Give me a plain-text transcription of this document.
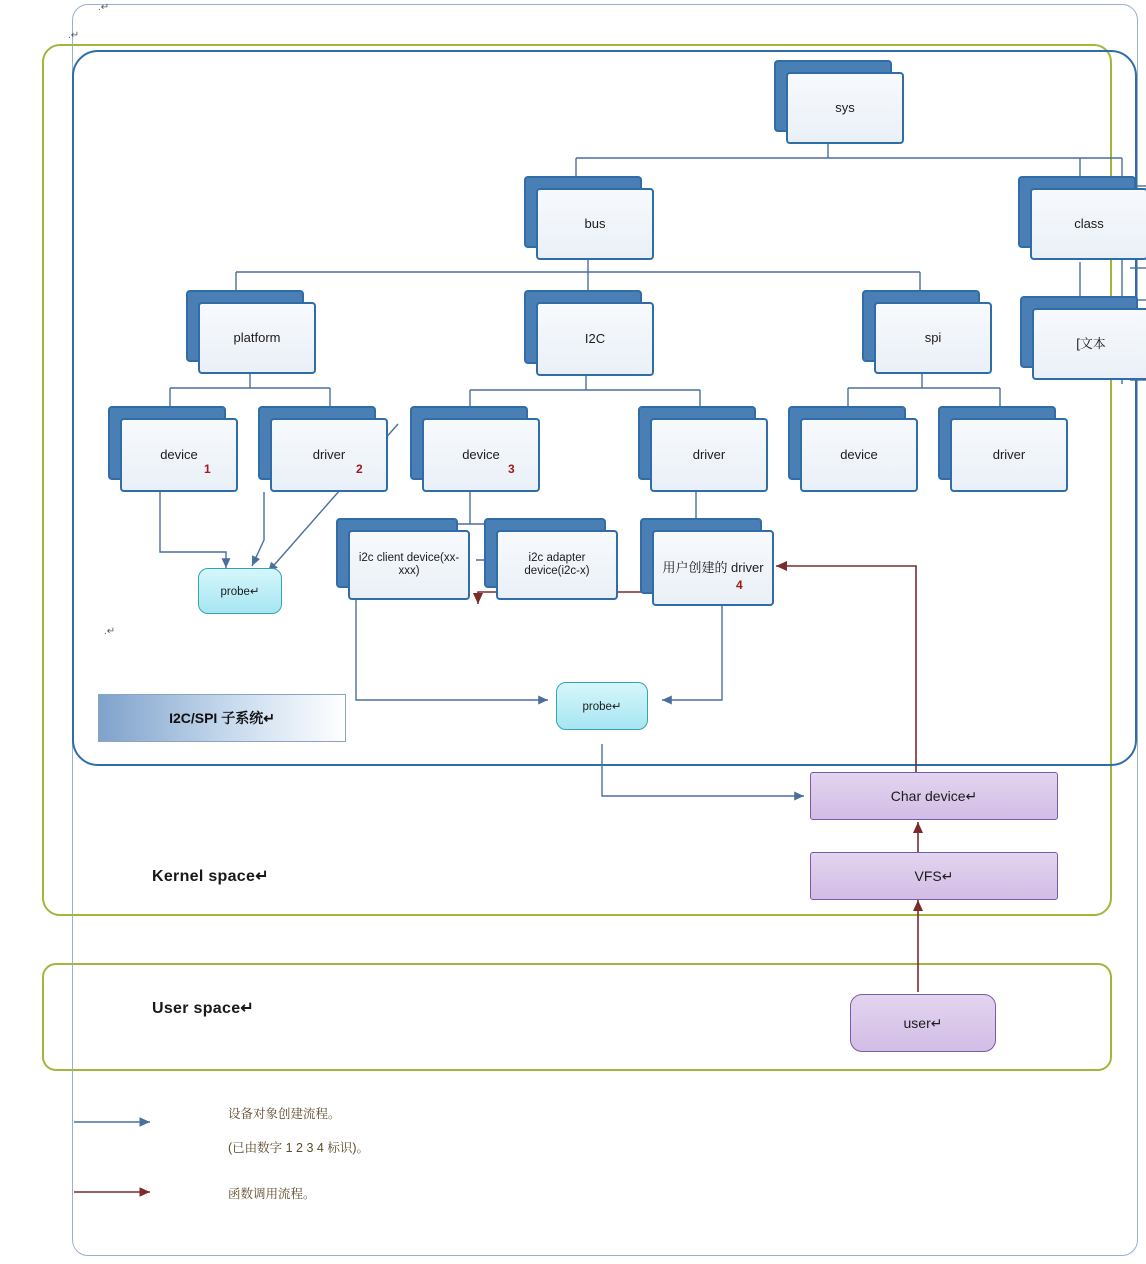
.↵
.↵
.↵
sys
bus	class
platform	I2C	spi	[文本
device
1
driver
2
device
3
driver	device	driver
i2c client device(xx-xxx)
i2c adapter device(i2c-x)	用户创建的 driver
4
probe↵
probe↵
I2C/SPI 子系统↵
Char device↵
VFS↵
user↵
Kernel space↵
User space↵
设备对象创建流程。
(已由数字 1 2 3 4 标识)。
函数调用流程。
